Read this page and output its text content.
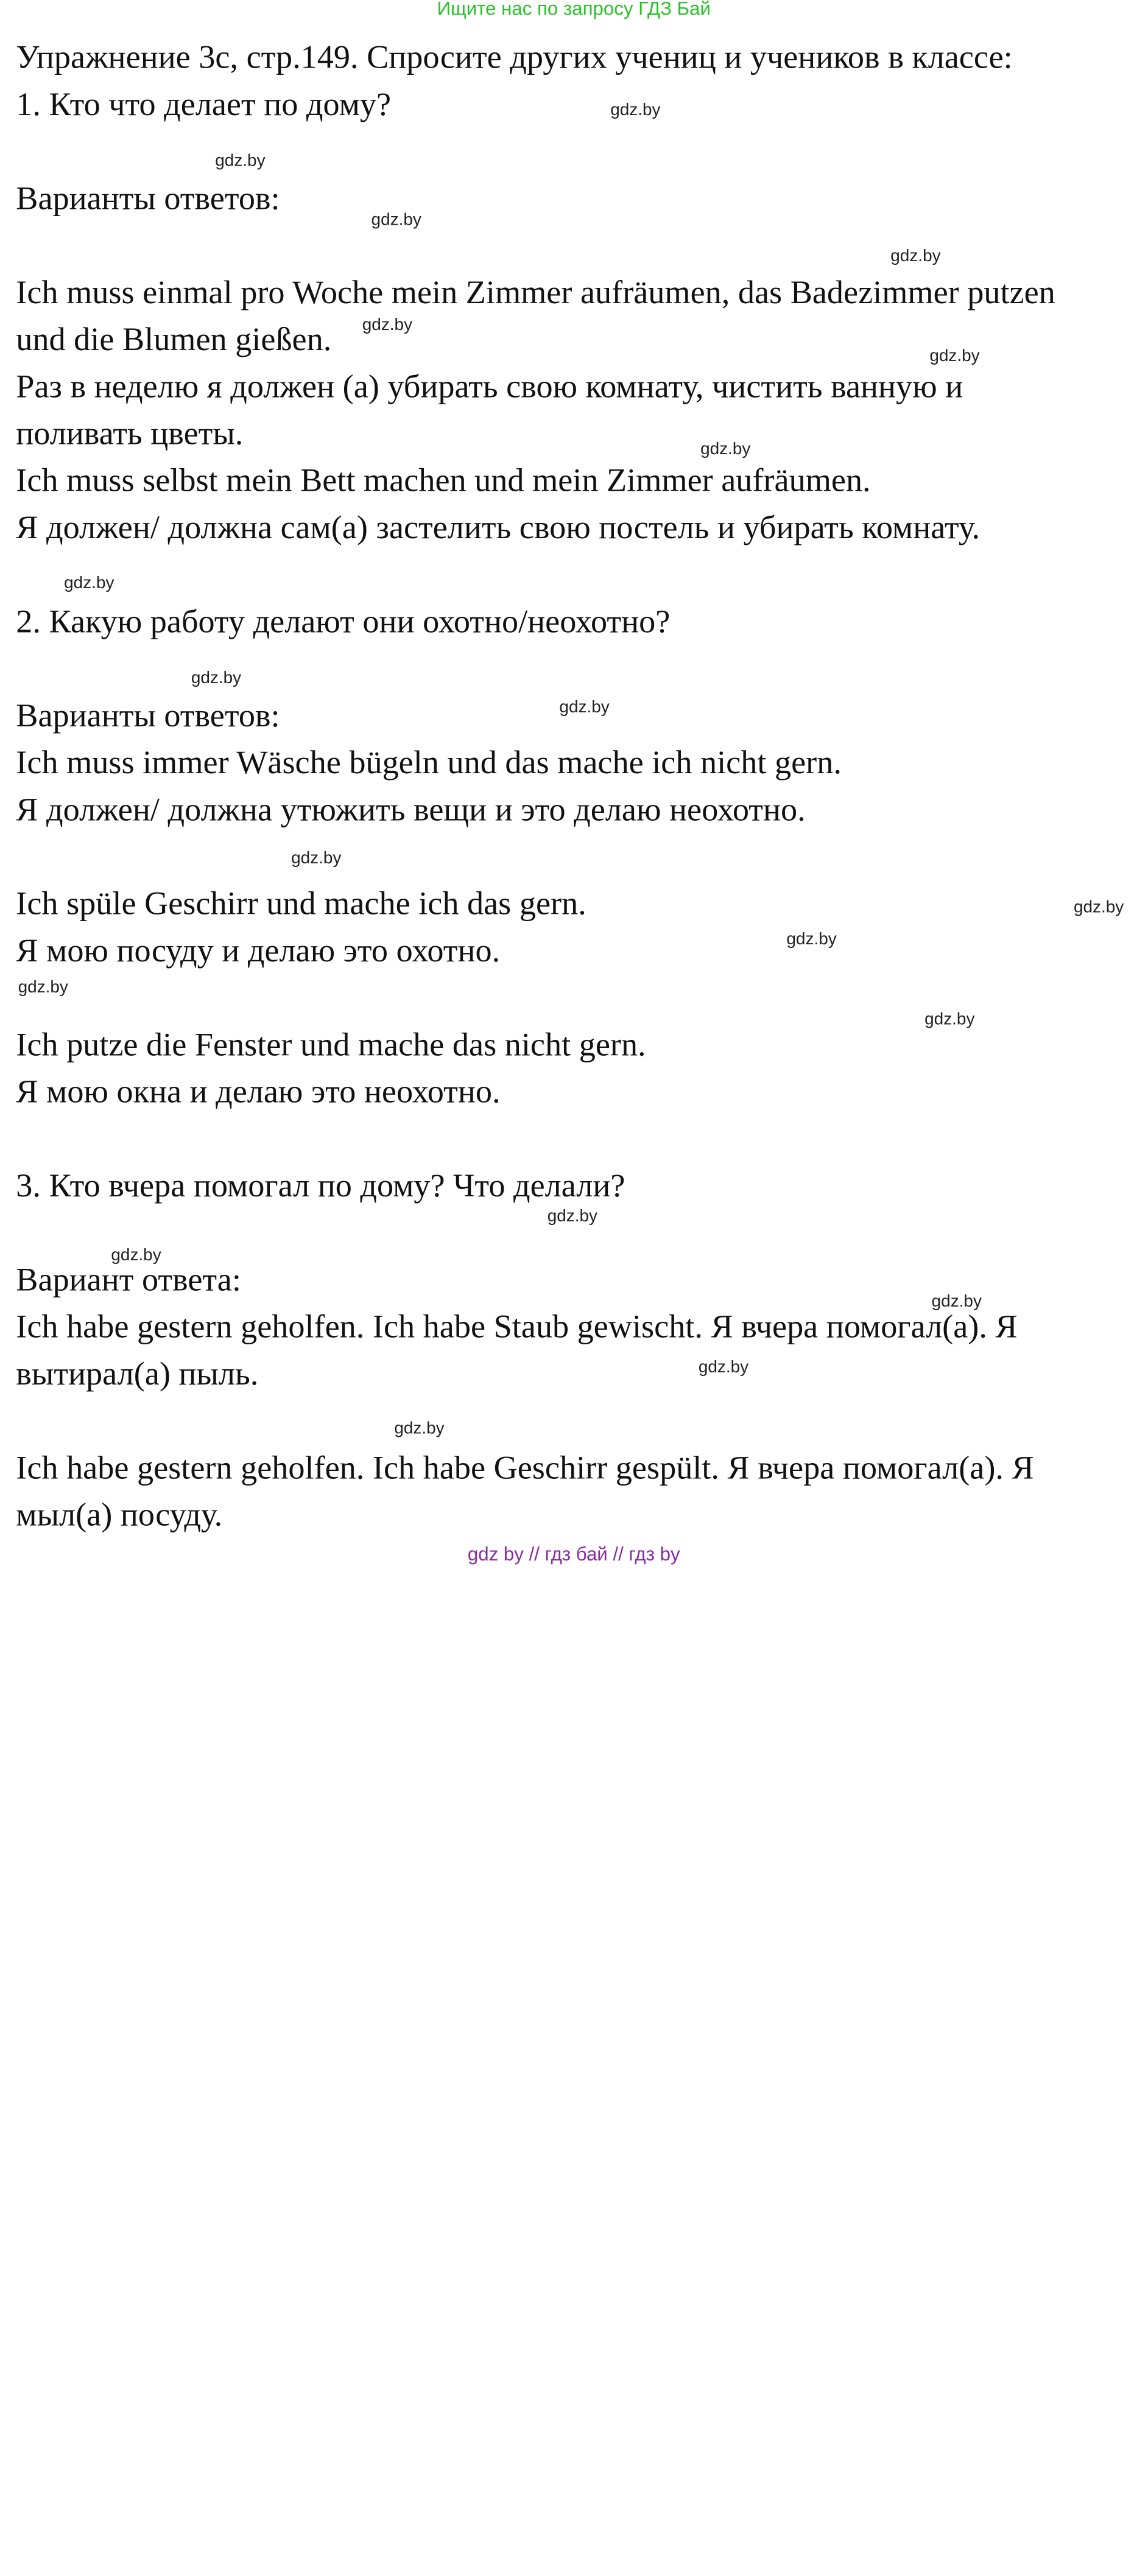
Ищите нас по запросу ГДЗ Бай
Упражнение 3с, стр.149. Спросите других учениц и учеников в классе:
1. Кто что делает по дому?
Варианты ответов:
Ich muss einmal pro Woche mein Zimmer aufräumen, das Badezimmer putzen
und die Blumen gießen.
Раз в неделю я должен (а) убирать свою комнату, чистить ванную и
поливать цветы.
Ich muss selbst mein Bett machen und mein Zimmer aufräumen.
Я должен/ должна сам(а) застелить свою постель и убирать комнату.
2. Какую работу делают они охотно/неохотно?
Варианты ответов:
Ich muss immer Wäsche bügeln und das mache ich nicht gern.
Я должен/ должна утюжить вещи и это делаю неохотно.
Ich spüle Geschirr und mache ich das gern.
Я мою посуду и делаю это охотно.
Ich putze die Fenster und mache das nicht gern.
Я мою окна и делаю это неохотно.
3. Кто вчера помогал по дому? Что делали?
Вариант ответа:
Ich habe gestern geholfen. Ich habe Staub gewischt. Я вчера помогал(а). Я
вытирал(а) пыль.
Ich habe gestern geholfen. Ich habe Geschirr gespült. Я вчера помогал(а). Я
мыл(а) посуду.
gdz.by
gdz.by
gdz.by
gdz.by
gdz.by
gdz.by
gdz.by
gdz.by
gdz.by
gdz.by
gdz.by
gdz.by
gdz.by
gdz.by
gdz.by
gdz.by
gdz.by
gdz.by
gdz.by
gdz.by
gdz by // гдз бай // гдз by
